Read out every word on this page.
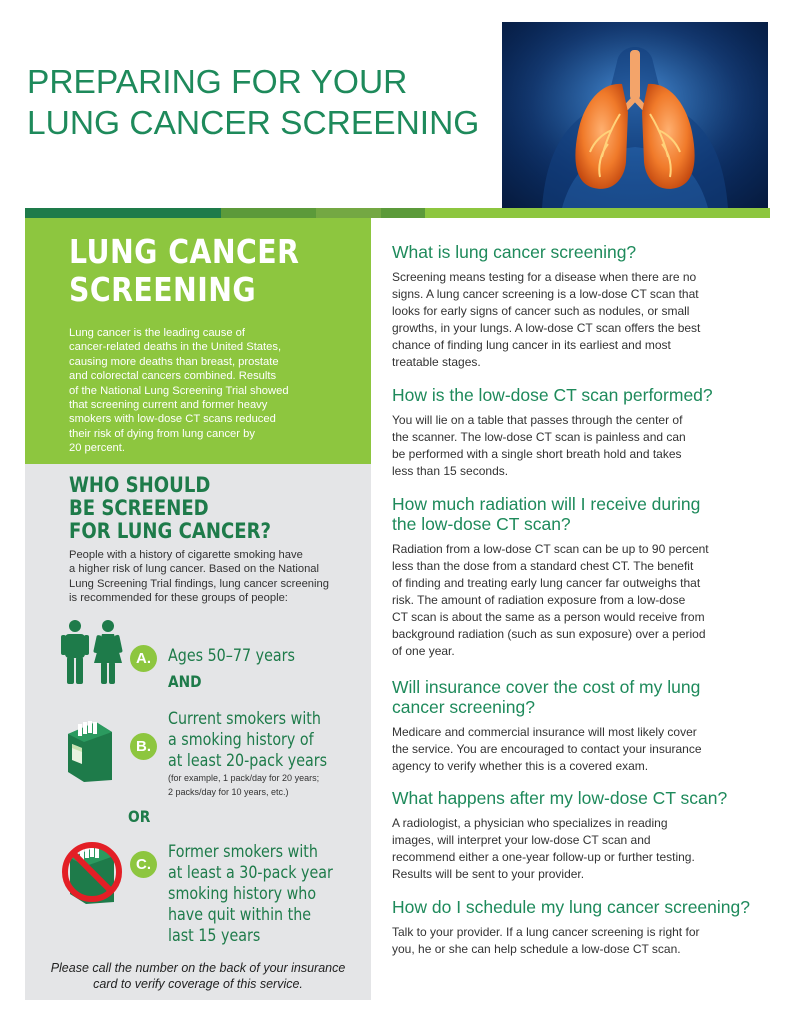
PREPARING FOR YOUR
LUNG CANCER SCREENING
LUNG CANCER
SCREENING

Lung cancer is the leading cause of
cancer-related deaths in the United States,
causing more deaths than breast, prostate
and colorectal cancers combined. Results
of the National Lung Screening Trial showed
that screening current and former heavy
smokers with low-dose CT scans reduced
their risk of dying from lung cancer by
20 percent.

WHO SHOULD
BE SCREENED
FOR LUNG CANCER?

People with a history of cigarette smoking have
a higher risk of lung cancer. Based on the National
Lung Screening Trial findings, lung cancer screening
is recommended for these groups of people:

A.	Ages 50–77 years

AND

B.

Current smokers with
a smoking history of
at least 20-pack years

(for example, 1 pack/day for 20 years;
2 packs/day for 10 years, etc.)

OR

C.

Former smokers with
at least a 30-pack year
smoking history who
have quit within the
last 15 years

Please call the number on the back of your insurance
card to verify coverage of this service.

What is lung cancer screening?

Screening means testing for a disease when there are no
signs. A lung cancer screening is a low-dose CT scan that
looks for early signs of cancer such as nodules, or small
growths, in your lungs. A low-dose CT scan offers the best
chance of finding lung cancer in its earliest and most
treatable stages.

How is the low-dose CT scan performed?

You will lie on a table that passes through the center of
the scanner. The low-dose CT scan is painless and can
be performed with a single short breath hold and takes
less than 15 seconds.

How much radiation will I receive during
the low-dose CT scan?

Radiation from a low-dose CT scan can be up to 90 percent
less than the dose from a standard chest CT. The benefit
of finding and treating early lung cancer far outweighs that
risk. The amount of radiation exposure from a low-dose
CT scan is about the same as a person would receive from
background radiation (such as sun exposure) over a period
of one year.

Will insurance cover the cost of my lung
cancer screening?

Medicare and commercial insurance will most likely cover
the service. You are encouraged to contact your insurance
agency to verify whether this is a covered exam.

What happens after my low-dose CT scan?

A radiologist, a physician who specializes in reading
images, will interpret your low-dose CT scan and
recommend either a one-year follow-up or further testing.
Results will be sent to your provider.

How do I schedule my lung cancer screening?

Talk to your provider. If a lung cancer screening is right for
you, he or she can help schedule a low-dose CT scan.
